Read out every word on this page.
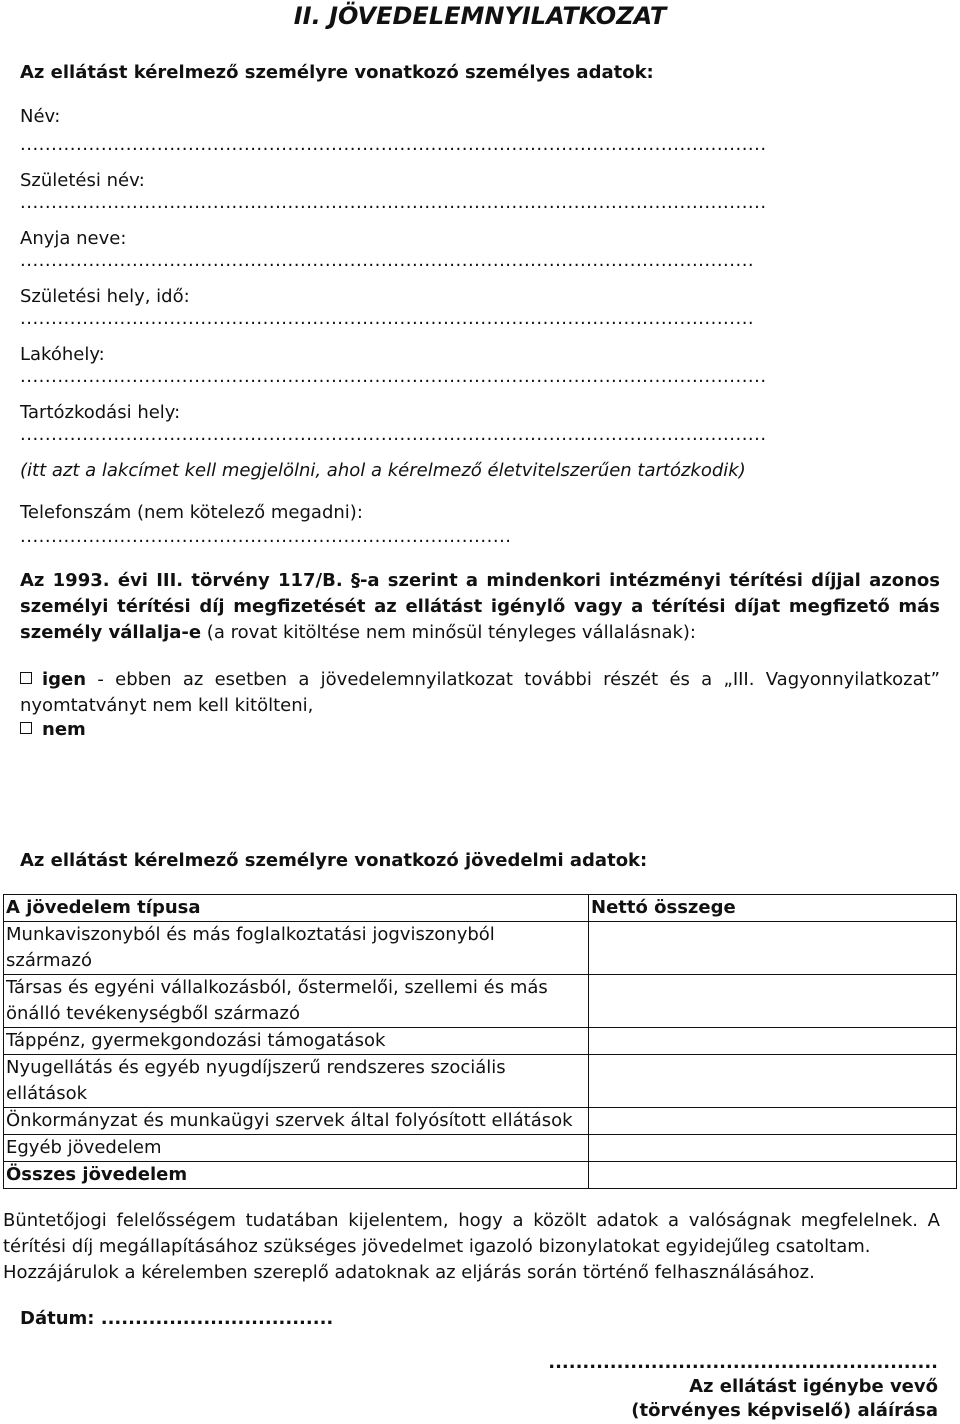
II. JÖVEDELEMNYILATKOZAT
Az ellátást kérelmező személyre vonatkozó személyes adatok:
Név:
........................................................................................................................
Születési név:
........................................................................................................................
Anyja neve:
......................................................................................................................
Születési hely, idő:
......................................................................................................................
Lakóhely:
........................................................................................................................
Tartózkodási hely:
........................................................................................................................
(itt azt a lakcímet kell megjelölni, ahol a kérelmező életvitelszerűen tartózkodik)
Telefonszám (nem kötelező megadni):
...............................................................................
Az 1993. évi III. törvény 117/B. §-a szerint a mindenkori intézményi térítési díjjal azonos személyi térítési díj megfizetését az ellátást igénylő vagy a térítési díjat megfizető más személy vállalja-e (a rovat kitöltése nem minősül tényleges vállalásnak):
igen - ebben az esetben a jövedelemnyilatkozat további részét és a „III. Vagyonnyilatkozat” nyomtatványt nem kell kitölteni,
nem
Az ellátást kérelmező személyre vonatkozó jövedelmi adatok:
A jövedelem típusa	Nettó összege
Munkaviszonyból és más foglalkoztatási jogviszonyból származó	
Társas és egyéni vállalkozásból, őstermelői, szellemi és más önálló tevékenységből származó	
Táppénz, gyermekgondozási támogatások	
Nyugellátás és egyéb nyugdíjszerű rendszeres szociális ellátások	
Önkormányzat és munkaügyi szervek által folyósított ellátások	
Egyéb jövedelem	
Összes jövedelem	
Büntetőjogi felelősségem tudatában kijelentem, hogy a közölt adatok a valóságnak megfelelnek. A térítési díj megállapításához szükséges jövedelmet igazoló bizonylatokat egyidejűleg csatoltam.
Hozzájárulok a kérelemben szereplő adatoknak az eljárás során történő felhasználásához.
Dátum: ..................................
.........................................................
Az ellátást igénybe vevő
(törvényes képviselő) aláírása
